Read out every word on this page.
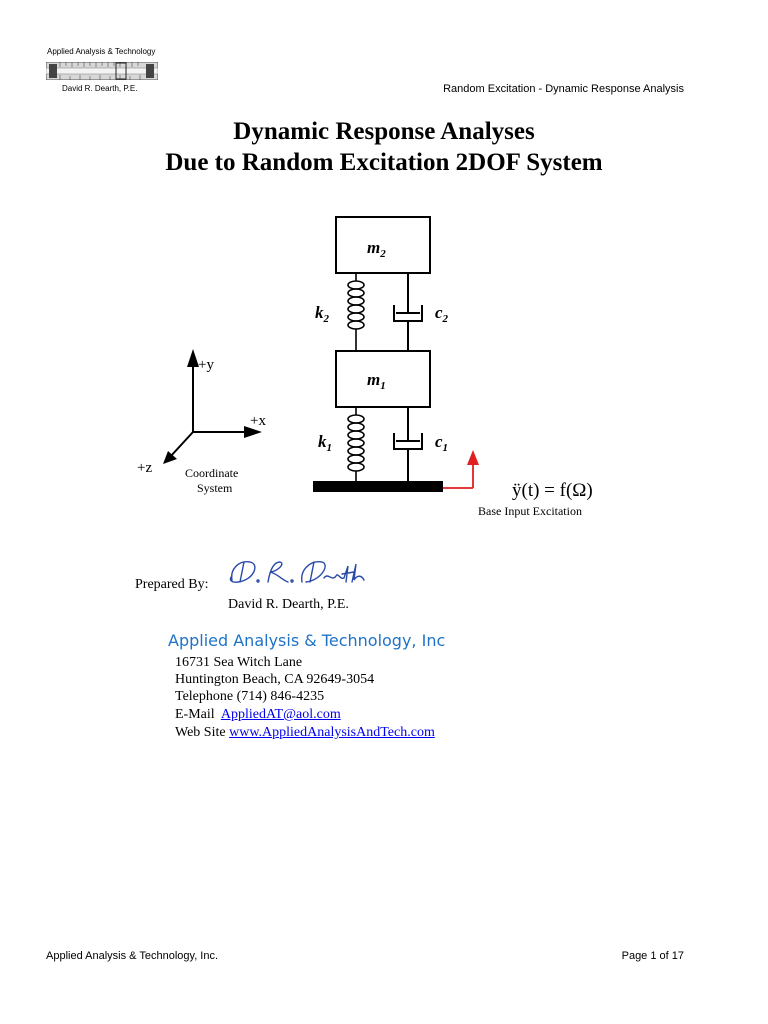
Applied Analysis & Technology
David R. Dearth, P.E.	Random Excitation - Dynamic Response Analysis
Dynamic Response Analyses
Due to Random Excitation 2DOF System
$m_2$
$k_2$	$c_2$
$m_1$
$k_1$	$c_1$
ÿ(t) = f(Ω)
Base Input Excitation
+y
+x
+z	Coordinate
System
Prepared By:
David R. Dearth, P.E.
Applied Analysis & Technology, Inc
16731 Sea Witch Lane
Huntington Beach, CA 92649-3054
Telephone (714) 846-4235
E-Mail AppliedAT@aol.com
Web Site www.AppliedAnalysisAndTech.com
Applied Analysis & Technology, Inc.	Page 1 of 17
